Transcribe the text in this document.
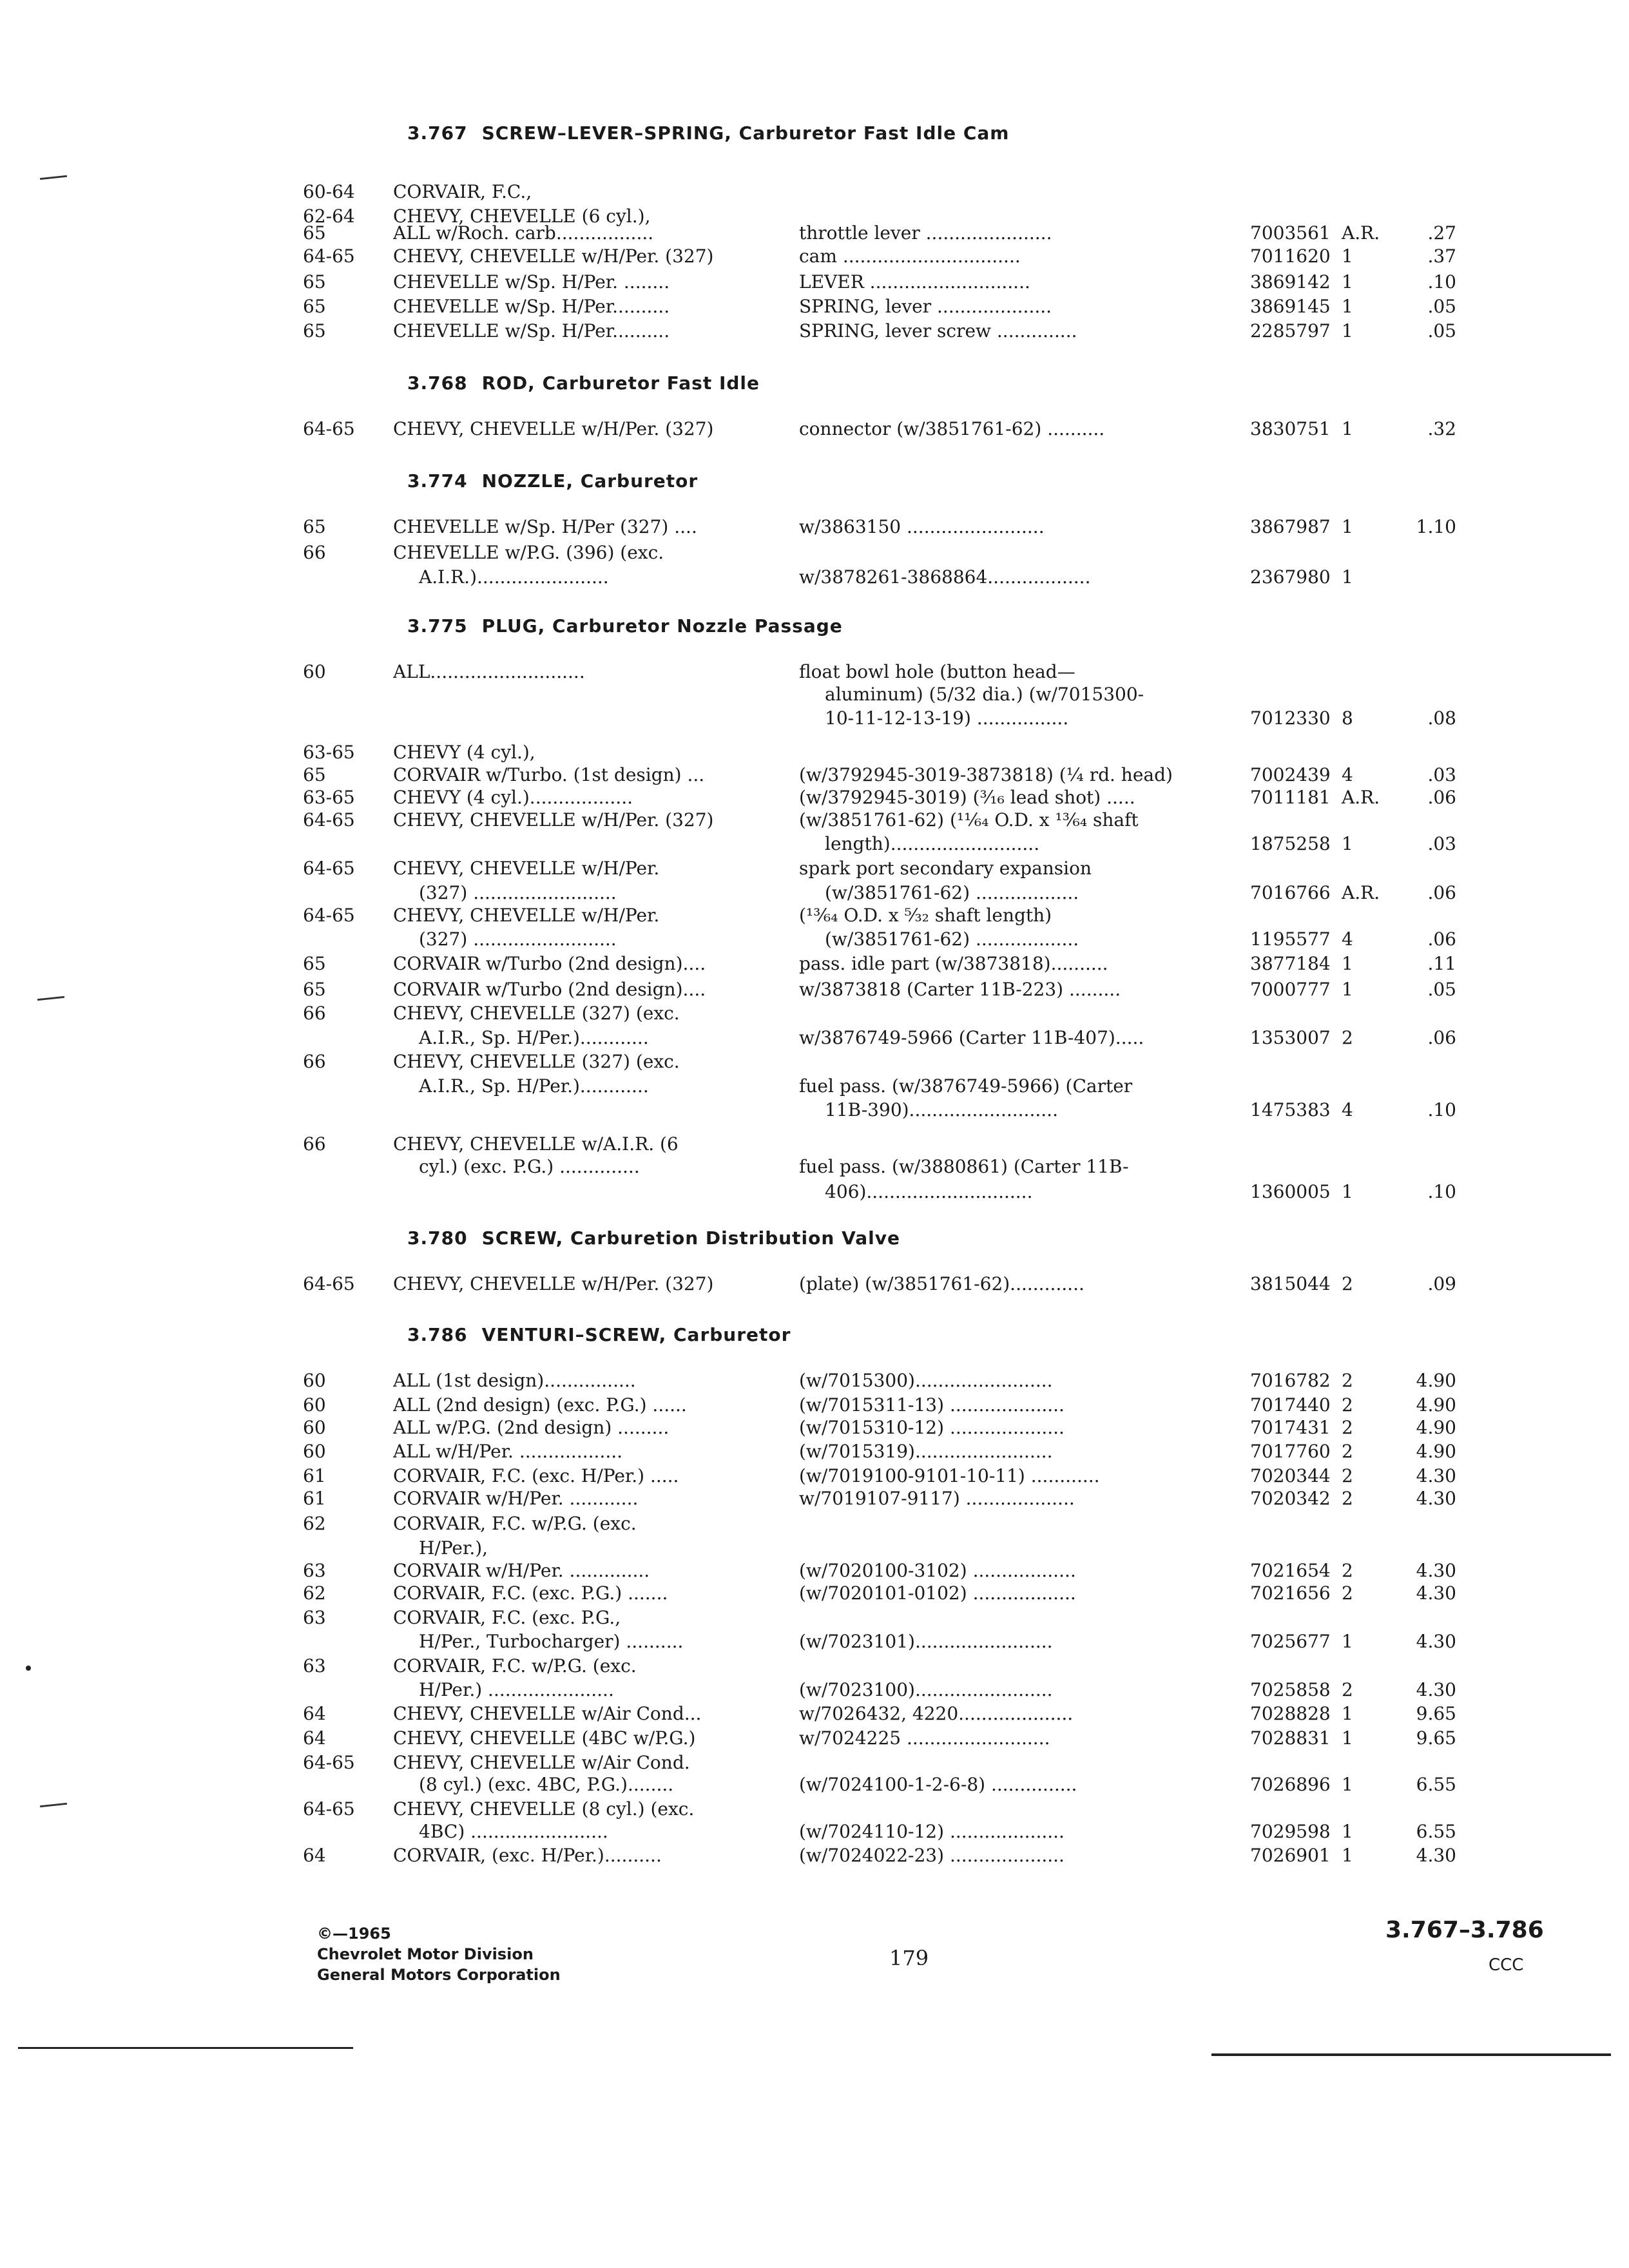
3.767 SCREW–LEVER–SPRING, Carburetor Fast Idle Cam
60-64	CORVAIR, F.C.,
62-64	CHEVY, CHEVELLE (6 cyl.),
65	ALL w/Roch. carb.................	throttle lever ......................	7003561 A.R.	.27
64-65	CHEVY, CHEVELLE w/H/Per. (327)	cam ...............................	7011620 1	.37
65	CHEVELLE w/Sp. H/Per. ........	LEVER ............................	3869142 1	.10
65	CHEVELLE w/Sp. H/Per..........	SPRING, lever ....................	3869145 1	.05
65	CHEVELLE w/Sp. H/Per..........	SPRING, lever screw ..............	2285797 1	.05
3.768 ROD, Carburetor Fast Idle
64-65	CHEVY, CHEVELLE w/H/Per. (327)	connector (w/3851761-62) ..........	3830751 1	.32
3.774 NOZZLE, Carburetor
65	CHEVELLE w/Sp. H/Per (327) ....	w/3863150 ........................	3867987 1	1.10
66	CHEVELLE w/P.G. (396) (exc.
A.I.R.).......................	w/3878261-3868864..................	2367980 1
3.775 PLUG, Carburetor Nozzle Passage
60	ALL...........................	float bowl hole (button head—
aluminum) (5/32 dia.) (w/7015300-
10-11-12-13-19) ................	7012330 8	.08
63-65	CHEVY (4 cyl.),
65	CORVAIR w/Turbo. (1st design) ...	(w/3792945-3019-3873818) (¼ rd. head)	7002439 4	.03
63-65	CHEVY (4 cyl.)..................	(w/3792945-3019) (³⁄₁₆ lead shot) .....	7011181 A.R.	.06
64-65	CHEVY, CHEVELLE w/H/Per. (327)	(w/3851761-62) (¹¹⁄₆₄ O.D. x ¹³⁄₆₄ shaft
length)..........................	1875258 1	.03
64-65	CHEVY, CHEVELLE w/H/Per.	spark port secondary expansion
(327) .........................	(w/3851761-62) ..................	7016766 A.R.	.06
64-65	CHEVY, CHEVELLE w/H/Per.	(¹³⁄₆₄ O.D. x ⁵⁄₃₂ shaft length)
(327) .........................	(w/3851761-62) ..................	1195577 4	.06
65	CORVAIR w/Turbo (2nd design)....	pass. idle part (w/3873818)..........	3877184 1	.11
65	CORVAIR w/Turbo (2nd design)....	w/3873818 (Carter 11B-223) .........	7000777 1	.05
66	CHEVY, CHEVELLE (327) (exc.
A.I.R., Sp. H/Per.)............	w/3876749-5966 (Carter 11B-407).....	1353007 2	.06
66	CHEVY, CHEVELLE (327) (exc.
A.I.R., Sp. H/Per.)............	fuel pass. (w/3876749-5966) (Carter
11B-390)..........................	1475383 4	.10
66	CHEVY, CHEVELLE w/A.I.R. (6
cyl.) (exc. P.G.) ..............	fuel pass. (w/3880861) (Carter 11B-
406).............................	1360005 1	.10
3.780 SCREW, Carburetion Distribution Valve
64-65	CHEVY, CHEVELLE w/H/Per. (327)	(plate) (w/3851761-62).............	3815044 2	.09
3.786 VENTURI–SCREW, Carburetor
60	ALL (1st design)................	(w/7015300)........................	7016782 2	4.90
60	ALL (2nd design) (exc. P.G.) ......	(w/7015311-13) ....................	7017440 2	4.90
60	ALL w/P.G. (2nd design) .........	(w/7015310-12) ....................	7017431 2	4.90
60	ALL w/H/Per. ..................	(w/7015319)........................	7017760 2	4.90
61	CORVAIR, F.C. (exc. H/Per.) .....	(w/7019100-9101-10-11) ............	7020344 2	4.30
61	CORVAIR w/H/Per. ............	w/7019107-9117) ...................	7020342 2	4.30
62	CORVAIR, F.C. w/P.G. (exc.
H/Per.),
63	CORVAIR w/H/Per. ..............	(w/7020100-3102) ..................	7021654 2	4.30
62	CORVAIR, F.C. (exc. P.G.) .......	(w/7020101-0102) ..................	7021656 2	4.30
63	CORVAIR, F.C. (exc. P.G.,
H/Per., Turbocharger) ..........	(w/7023101)........................	7025677 1	4.30
63	CORVAIR, F.C. w/P.G. (exc.
H/Per.) ......................	(w/7023100)........................	7025858 2	4.30
64	CHEVY, CHEVELLE w/Air Cond...	w/7026432, 4220....................	7028828 1	9.65
64	CHEVY, CHEVELLE (4BC w/P.G.)	w/7024225 .........................	7028831 1	9.65
64-65	CHEVY, CHEVELLE w/Air Cond.
(8 cyl.) (exc. 4BC, P.G.)........	(w/7024100-1-2-6-8) ...............	7026896 1	6.55
64-65	CHEVY, CHEVELLE (8 cyl.) (exc.
4BC) ........................	(w/7024110-12) ....................	7029598 1	6.55
64	CORVAIR, (exc. H/Per.)..........	(w/7024022-23) ....................	7026901 1	4.30
©—1965
Chevrolet Motor Division
General Motors Corporation
179
3.767–3.786
CCC
